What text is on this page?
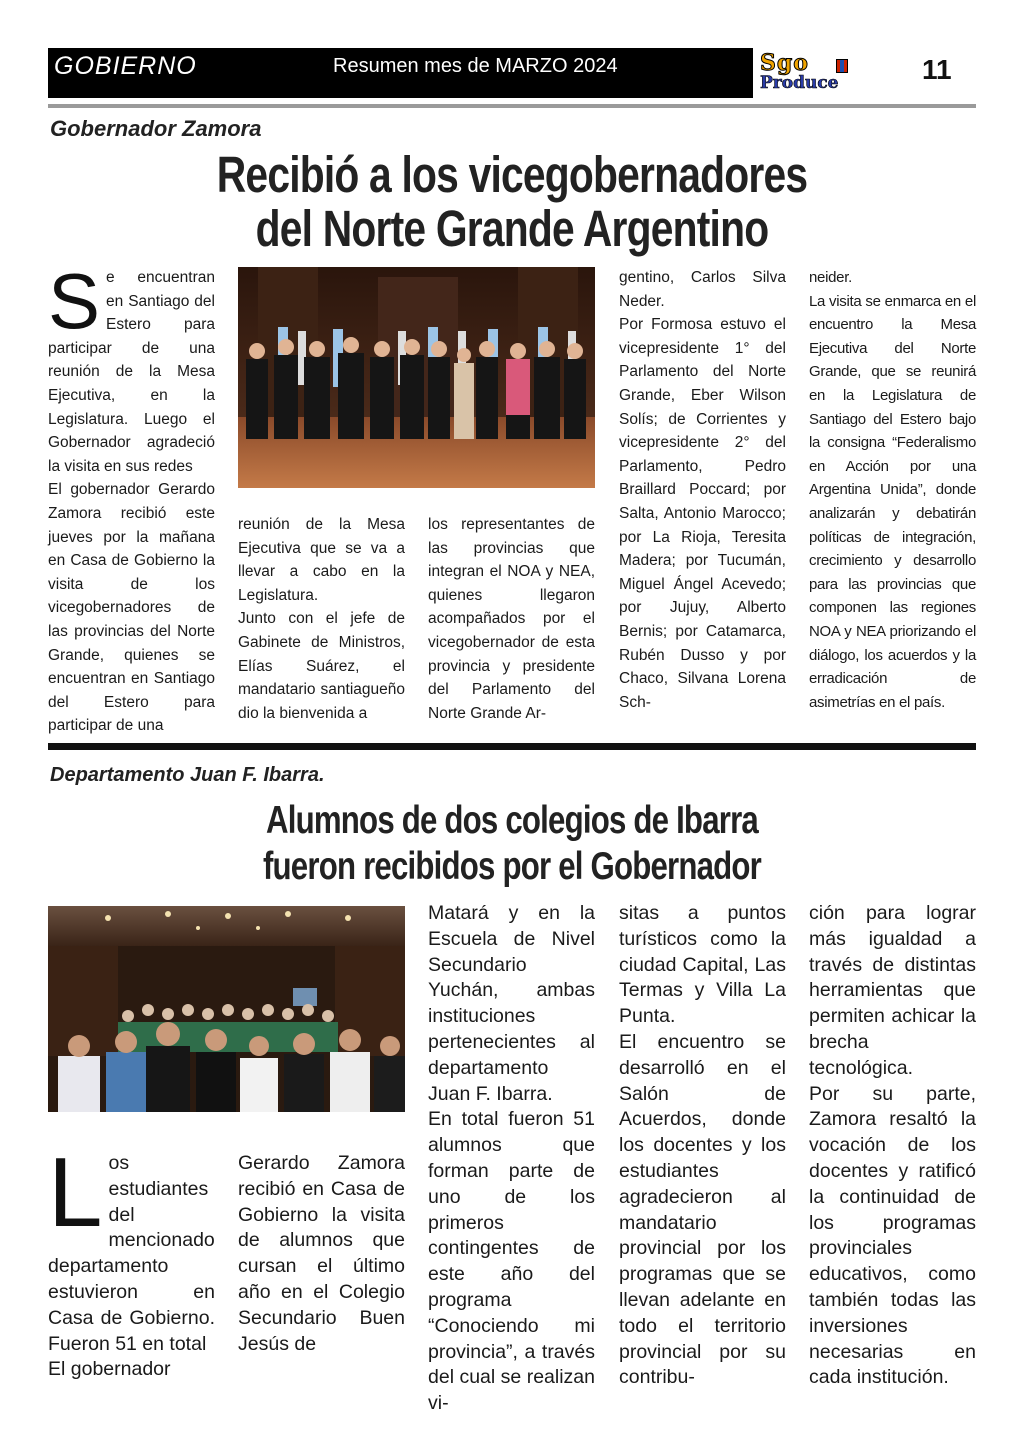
GOBIERNO	Resumen mes de MARZO 2024	Sgo
Produce	11
Gobernador Zamora
Recibió a los vicegobernadores
del Norte Grande Argentino

Se encuentran en Santiago del Estero para participar de una reunión de la Mesa Ejecutiva, en la Legislatura. Luego el Gobernador agradeció la visita en sus redes

El gobernador Gerardo Zamora recibió este jueves por la mañana en Casa de Gobierno la visita de los vicegobernadores de las provincias del Norte Grande, quienes se encuentran en Santiago del Estero para participar de una

reunión de la Mesa Ejecutiva que se va a llevar a cabo en la Legislatura.

Junto con el jefe de Gabinete de Ministros, Elías Suárez, el mandatario santiagueño dio la bienvenida a

los representantes de las provincias que integran el NOA y NEA, quienes llegaron acompañados por el vicegobernador de esta provincia y presidente del Parlamento del Norte Grande Ar-

gentino, Carlos Silva Neder.

Por Formosa estuvo el vicepresidente 1° del Parlamento del Norte Grande, Eber Wilson Solís; de Corrientes y vicepresidente 2° del Parlamento, Pedro Braillard Poccard; por Salta, Antonio Marocco; por La Rioja, Teresita Madera; por Tucumán, Miguel Ángel Acevedo; por Jujuy, Alberto Bernis; por Catamarca, Rubén Dusso y por Chaco, Silvana Lorena Sch-

neider.

La visita se enmarca en el encuentro la Mesa Ejecutiva del Norte Grande, que se reunirá en la Legislatura de Santiago del Estero bajo la consigna “Federalismo en Acción por una Argentina Unida”, donde analizarán y debatirán políticas de integración, crecimiento y desarrollo para las provincias que componen las regiones NOA y NEA priorizando el diálogo, los acuerdos y la erradicación de asimetrías en el país.

Departamento Juan F. Ibarra.
Alumnos de dos colegios de Ibarra
fueron recibidos por el Gobernador

Los estudiantes del mencionado departamento estuvieron en Casa de Gobierno. Fueron 51 en total

El gobernador

Gerardo Zamora recibió en Casa de Gobierno la visita de alumnos que cursan el último año en el Colegio Secundario Buen Jesús de

Matará y en la Escuela de Nivel Secundario Yuchán, ambas instituciones pertenecientes al departamento Juan F. Ibarra.

En total fueron 51 alumnos que forman parte de uno de los primeros contingentes de este año del programa “Conociendo mi provincia”, a través del cual se realizan vi-

sitas a puntos turísticos como la ciudad Capital, Las Termas y Villa La Punta.

El encuentro se desarrolló en el Salón de Acuerdos, donde los docentes y los estudiantes agradecieron al mandatario provincial por los programas que se llevan adelante en todo el territorio provincial por su contribu-

ción para lograr más igualdad a través de distintas herramientas que permiten achicar la brecha tecnológica.

Por su parte, Zamora resaltó la vocación de los docentes y ratificó la continuidad de los programas provinciales educativos, como también todas las inversiones necesarias en cada institución.
